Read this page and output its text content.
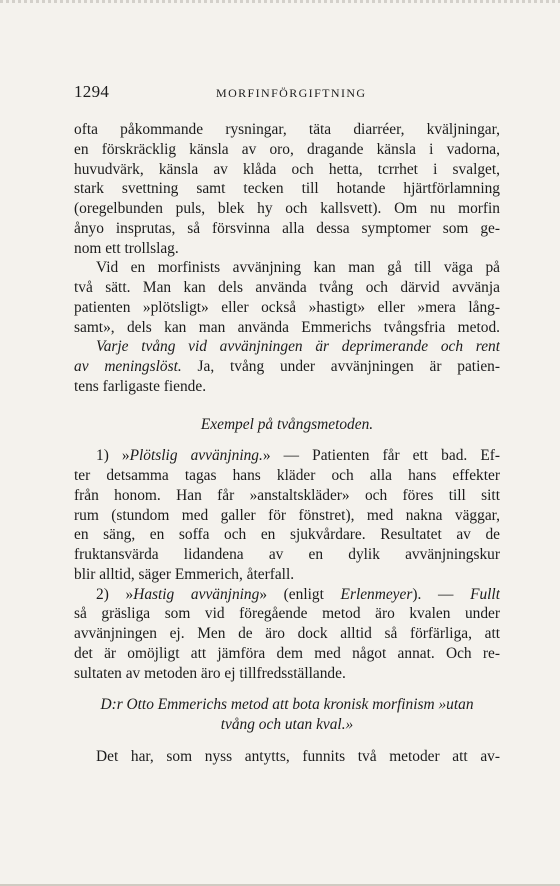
1294	MORFINFÖRGIFTNING
ofta påkommande rysningar, täta diarréer, kväljningar,
en förskräcklig känsla av oro, dragande känsla i vadorna,
huvudvärk, känsla av klåda och hetta, tcrrhet i svalget,
stark svettning samt tecken till hotande hjärtförlamning
(oregelbunden puls, blek hy och kallsvett). Om nu morfin
ånyo insprutas, så försvinna alla dessa symptomer som ge-
nom ett trollslag.
Vid en morfinists avvänjning kan man gå till väga på
två sätt. Man kan dels använda tvång och därvid avvänja
patienten »plötsligt» eller också »hastigt» eller »mera lång-
samt», dels kan man använda Emmerichs tvångsfria metod.
Varje tvång vid avvänjningen är deprimerande och rent
av meningslöst. Ja, tvång under avvänjningen är patien-
tens farligaste fiende.
Exempel på tvångsmetoden.
1) »Plötslig avvänjning.» — Patienten får ett bad. Ef-
ter detsamma tagas hans kläder och alla hans effekter
från honom. Han får »anstaltskläder» och föres till sitt
rum (stundom med galler för fönstret), med nakna väggar,
en säng, en soffa och en sjukvårdare. Resultatet av de
fruktansvärda lidandena av en dylik avvänjningskur
blir alltid, säger Emmerich, återfall.
2) »Hastig avvänjning» (enligt Erlenmeyer). — Fullt
så gräsliga som vid föregående metod äro kvalen under
avvänjningen ej. Men de äro dock alltid så förfärliga, att
det är omöjligt att jämföra dem med något annat. Och re-
sultaten av metoden äro ej tillfredsställande.
D:r Otto Emmerichs metod att bota kronisk morfinism »utan
tvång och utan kval.»
Det har, som nyss antytts, funnits två metoder att av-
